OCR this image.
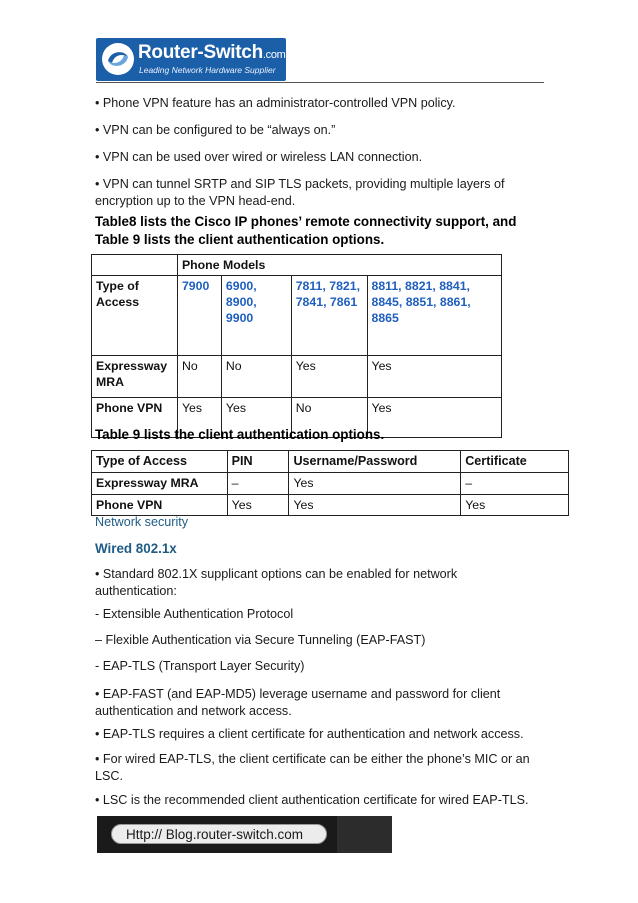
Router-Switch.com
Leading Network Hardware Supplier
• Phone VPN feature has an administrator-controlled VPN policy.
• VPN can be configured to be “always on.”
• VPN can be used over wired or wireless LAN connection.
• VPN can tunnel SRTP and SIP TLS packets, providing multiple layers of encryption up to the VPN head-end.
Table8 lists the Cisco IP phones’ remote connectivity support, and Table 9 lists the client authentication options.
	Phone Models			
Type of Access	7900	6900, 8900, 9900	7811, 7821, 7841, 7861	8811, 8821, 8841, 8845, 8851, 8861, 8865
Expressway MRA	No	No	Yes	Yes
Phone VPN	Yes	Yes	No	Yes
Table 9 lists the client authentication options.
Type of Access	PIN	Username/Password	Certificate
Expressway MRA	–	Yes	–
Phone VPN	Yes	Yes	Yes
Network security
Wired 802.1x
• Standard 802.1X supplicant options can be enabled for network authentication:
- Extensible Authentication Protocol
– Flexible Authentication via Secure Tunneling (EAP-FAST)
- EAP-TLS (Transport Layer Security)
• EAP-FAST (and EAP-MD5) leverage username and password for client authentication and network access.
• EAP-TLS requires a client certificate for authentication and network access.
• For wired EAP-TLS, the client certificate can be either the phone’s MIC or an LSC.
• LSC is the recommended client authentication certificate for wired EAP-TLS.
Http:// Blog.router-switch.com
